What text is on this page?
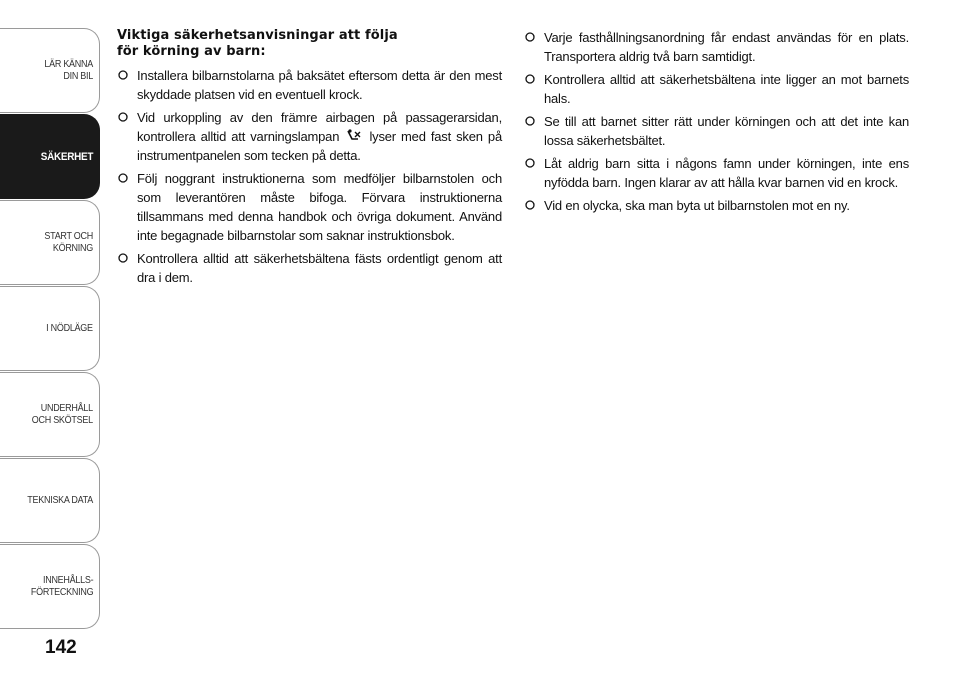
LÄR KÄNNA
DIN BIL
SÄKERHET
START OCH
KÖRNING
I NÖDLÄGE
UNDERHÅLL
OCH SKÖTSEL
TEKNISKA DATA
INNEHÅLLS-
FÖRTECKNING
142
Viktiga säkerhetsanvisningar att följa
för körning av barn:
Installera bilbarnstolarna på baksätet eftersom detta är den mest skyddade platsen vid en eventuell krock.
Vid urkoppling av den främre airbagen på passagerarsidan, kontrollera alltid att varningslampan lyser med fast sken på instrumentpanelen som tecken på detta.
Följ noggrant instruktionerna som medföljer bilbarnstolen och som leverantören måste bifoga. Förvara instruktionerna tillsammans med denna handbok och övriga dokument. Använd inte begagnade bilbarnstolar som saknar instruktionsbok.
Kontrollera alltid att säkerhetsbältena fästs ordentligt genom att dra i dem.
Varje fasthållningsanordning får endast användas för en plats. Transportera aldrig två barn samtidigt.
Kontrollera alltid att säkerhetsbältena inte ligger an mot barnets hals.
Se till att barnet sitter rätt under körningen och att det inte kan lossa säkerhetsbältet.
Låt aldrig barn sitta i någons famn under körningen, inte ens nyfödda barn. Ingen klarar av att hålla kvar barnen vid en krock.
Vid en olycka, ska man byta ut bilbarnstolen mot en ny.
